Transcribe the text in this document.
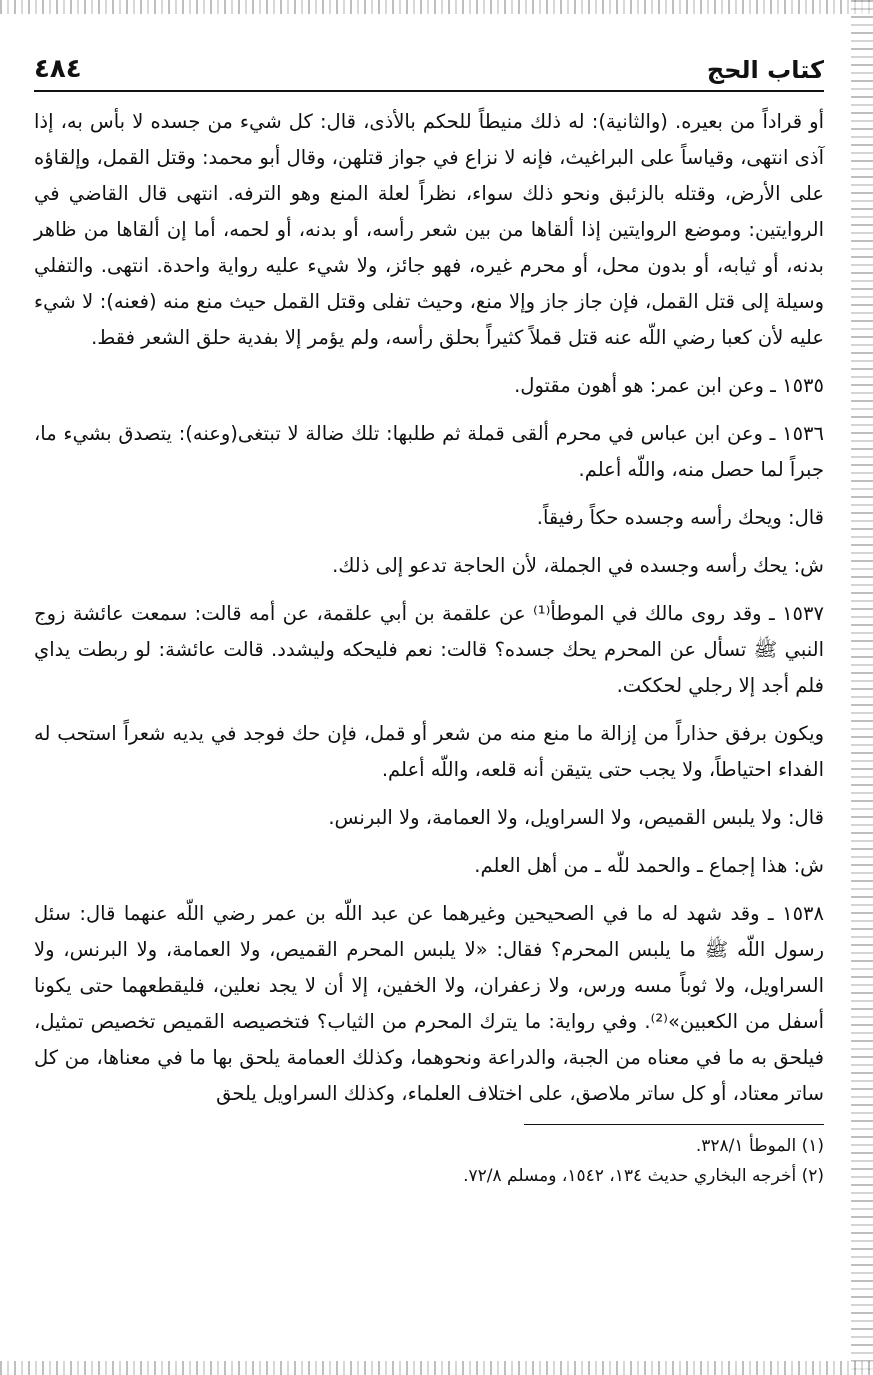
كتاب الحج
٤٨٤

أو قراداً من بعيره. (والثانية): له ذلك منيطاً للحكم بالأذى، قال: كل شيء من جسده لا بأس به، إذا آذى انتهى، وقياساً على البراغيث، فإنه لا نزاع في جواز قتلهن، وقال أبو محمد: وقتل القمل، وإلقاؤه على الأرض، وقتله بالزئبق ونحو ذلك سواء، نظراً لعلة المنع وهو الترفه. انتهى قال القاضي في الروايتين: وموضع الروايتين إذا ألقاها من بين شعر رأسه، أو بدنه، أو لحمه، أما إن ألقاها من ظاهر بدنه، أو ثيابه، أو بدون محل، أو محرم غيره، فهو جائز، ولا شيء عليه رواية واحدة. انتهى. والتفلي وسيلة إلى قتل القمل، فإن جاز جاز وإلا منع، وحيث تفلى وقتل القمل حيث منع منه (فعنه): لا شيء عليه لأن كعبا رضي اللّه عنه قتل قملاً كثيراً بحلق رأسه، ولم يؤمر إلا بفدية حلق الشعر فقط.

١٥٣٥ ـ وعن ابن عمر: هو أهون مقتول.

١٥٣٦ ـ وعن ابن عباس في محرم ألقى قملة ثم طلبها: تلك ضالة لا تبتغى(وعنه): يتصدق بشيء ما، جبراً لما حصل منه، واللّه أعلم.

قال: ويحك رأسه وجسده حكاً رفيقاً.

ش: يحك رأسه وجسده في الجملة، لأن الحاجة تدعو إلى ذلك.

١٥٣٧ ـ وقد روى مالك في الموطأ⁽¹⁾ عن علقمة بن أبي علقمة، عن أمه قالت: سمعت عائشة زوج النبي ﷺ تسأل عن المحرم يحك جسده؟ قالت: نعم فليحكه وليشدد. قالت عائشة: لو ربطت يداي فلم أجد إلا رجلي لحككت.

ويكون برفق حذاراً من إزالة ما منع منه من شعر أو قمل، فإن حك فوجد في يديه شعراً استحب له الفداء احتياطاً، ولا يجب حتى يتيقن أنه قلعه، واللّه أعلم.

قال: ولا يلبس القميص، ولا السراويل، ولا العمامة، ولا البرنس.

ش: هذا إجماع ـ والحمد للّه ـ من أهل العلم.

١٥٣٨ ـ وقد شهد له ما في الصحيحين وغيرهما عن عبد اللّه بن عمر رضي اللّه عنهما قال: سئل رسول اللّه ﷺ ما يلبس المحرم؟ فقال: «لا يلبس المحرم القميص، ولا العمامة، ولا البرنس، ولا السراويل، ولا ثوباً مسه ورس، ولا زعفران، ولا الخفين، إلا أن لا يجد نعلين، فليقطعهما حتى يكونا أسفل من الكعبين»⁽²⁾. وفي رواية: ما يترك المحرم من الثياب؟ فتخصيصه القميص تخصيص تمثيل، فيلحق به ما في معناه من الجبة، والدراعة ونحوهما، وكذلك العمامة يلحق بها ما في معناها، من كل ساتر معتاد، أو كل ساتر ملاصق، على اختلاف العلماء، وكذلك السراويل يلحق

(١) الموطأ ٣٢٨/١.

(٢) أخرجه البخاري حديث ١٣٤، ١٥٤٢، ومسلم ٧٢/٨.
